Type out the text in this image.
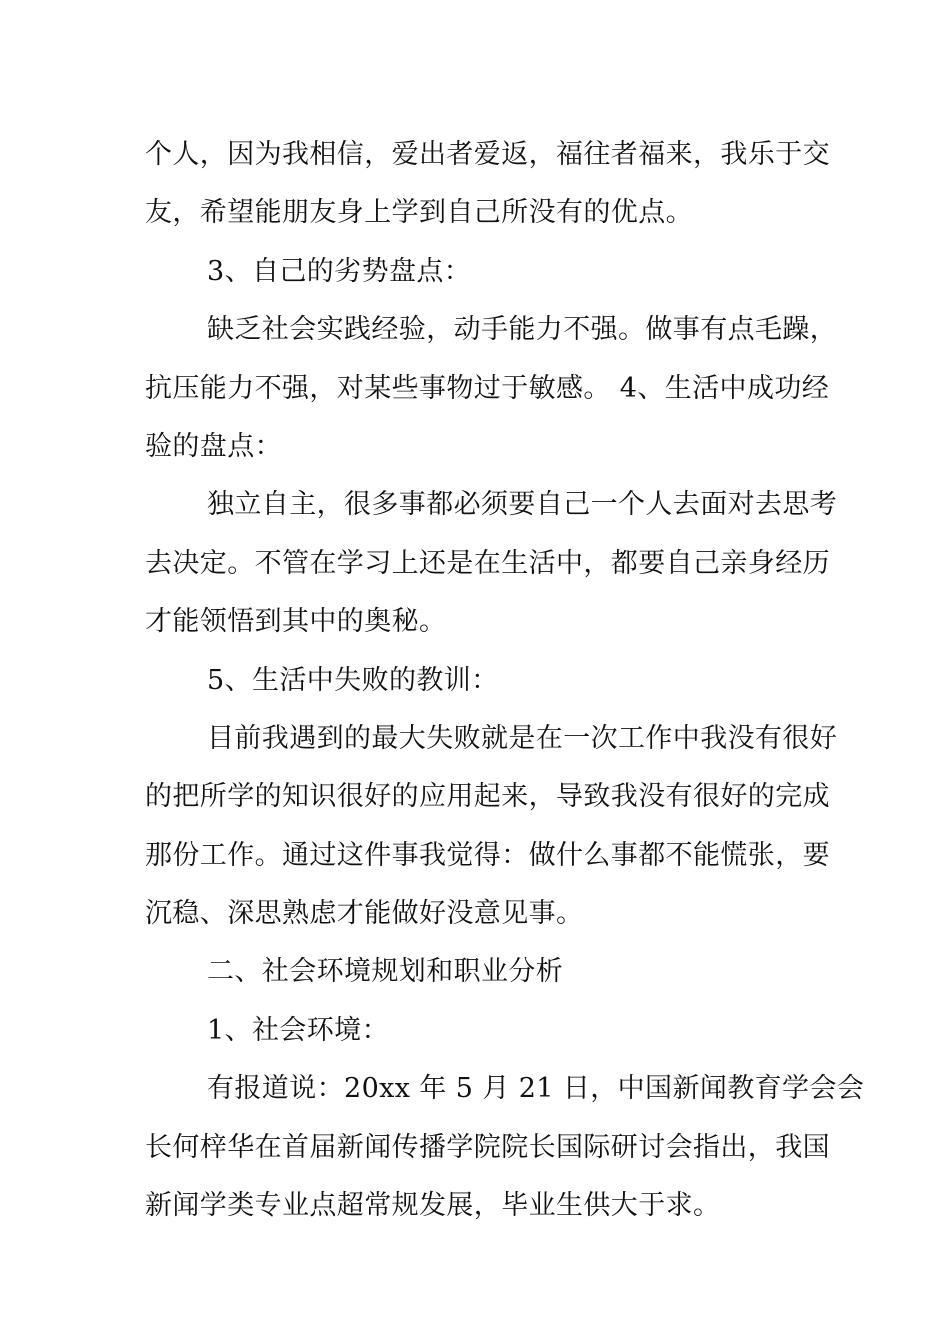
个人，因为我相信，爱出者爱返，福往者福来，我乐于交
友，希望能朋友身上学到自己所没有的优点。
3、自己的劣势盘点：
缺乏社会实践经验，动手能力不强。做事有点毛躁，
抗压能力不强，对某些事物过于敏感。 4、生活中成功经
验的盘点：
独立自主，很多事都必须要自己一个人去面对去思考
去决定。不管在学习上还是在生活中，都要自己亲身经历
才能领悟到其中的奥秘。
5、生活中失败的教训：
目前我遇到的最大失败就是在一次工作中我没有很好
的把所学的知识很好的应用起来，导致我没有很好的完成
那份工作。通过这件事我觉得：做什么事都不能慌张，要
沉稳、深思熟虑才能做好没意见事。
二、社会环境规划和职业分析
1、社会环境：
有报道说：20xx 年 5 月 21 日，中国新闻教育学会会
长何梓华在首届新闻传播学院院长国际研讨会指出，我国
新闻学类专业点超常规发展，毕业生供大于求。
